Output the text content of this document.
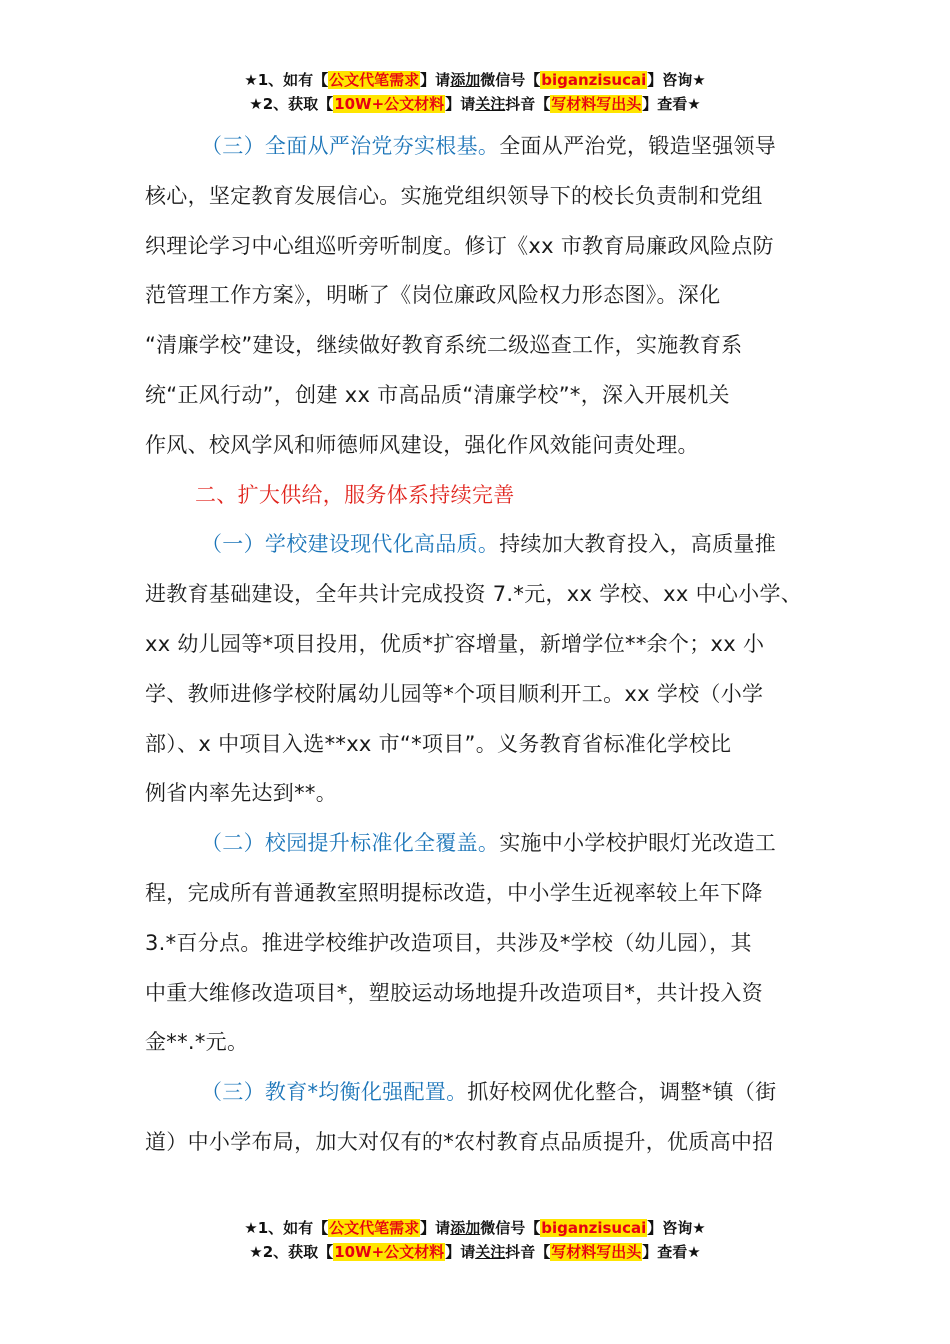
★1、如有【公文代笔需求】请添加微信号【biganzisucai】咨询★
★2、获取【10W+公文材料】请关注抖音【写材料写出头】查看★

（三）全面从严治党夯实根基。全面从严治党，锻造坚强领导
核心，坚定教育发展信心。实施党组织领导下的校长负责制和党组
织理论学习中心组巡听旁听制度。修订《xx 市教育局廉政风险点防
范管理工作方案》，明晰了《岗位廉政风险权力形态图》。深化
“清廉学校”建设，继续做好教育系统二级巡查工作，实施教育系
统“正风行动”，创建 xx 市高品质“清廉学校”*，深入开展机关
作风、校风学风和师德师风建设，强化作风效能问责处理。

二、扩大供给，服务体系持续完善

（一）学校建设现代化高品质。持续加大教育投入，高质量推
进教育基础建设，全年共计完成投资 7.*元，xx 学校、xx 中心小学、
xx 幼儿园等*项目投用，优质*扩容增量，新增学位**余个；xx 小
学、教师进修学校附属幼儿园等*个项目顺利开工。xx 学校（小学
部）、x 中项目入选**xx 市“*项目”。义务教育省标准化学校比
例省内率先达到**。

（二）校园提升标准化全覆盖。实施中小学校护眼灯光改造工
程，完成所有普通教室照明提标改造，中小学生近视率较上年下降
3.*百分点。推进学校维护改造项目，共涉及*学校（幼儿园），其
中重大维修改造项目*，塑胶运动场地提升改造项目*，共计投入资
金**.*元。

（三）教育*均衡化强配置。抓好校网优化整合，调整*镇（街
道）中小学布局，加大对仅有的*农村教育点品质提升，优质高中招

★1、如有【公文代笔需求】请添加微信号【biganzisucai】咨询★
★2、获取【10W+公文材料】请关注抖音【写材料写出头】查看★
